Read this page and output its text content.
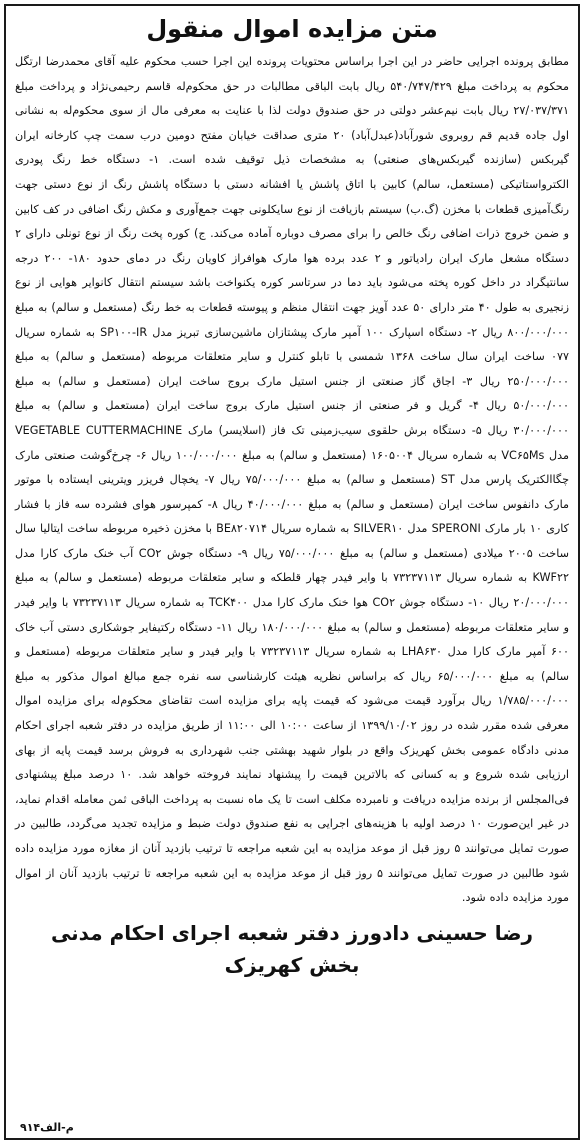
متن مزایده اموال منقول

مطابق پرونده اجرایی حاضر در این اجرا براساس محتویات پرونده این اجرا حسب محکوم علیه آقای محمدرضا ارتگل محکوم به پرداخت مبلغ ۵۴۰/۷۴۷/۴۲۹ ریال بابت الباقی مطالبات در حق محکوم‌له قاسم رحیمی‌نژاد و پرداخت مبلغ ۲۷/۰۳۷/۳۷۱ ریال بابت نیم‌عشر دولتی در حق صندوق دولت لذا با عنایت به معرفی مال از سوی محکوم‌له به نشانی اول جاده قدیم قم روبروی شورآباد(عبدل‌آباد) ۲۰ متری صداقت خیابان مفتح دومین درب سمت چپ کارخانه ایران گیربکس (سازنده گیربکس‌های صنعتی) به مشخصات ذیل توقیف شده است. ۱- دستگاه خط رنگ پودری الکترواستاتیکی (مستعمل، سالم) کابین با اتاق پاشش یا افشانه دستی با دستگاه پاشش رنگ از نوع دستی جهت رنگ‌آمیزی قطعات با مخزن (گ.ب) سیستم بازیافت از نوع سایکلونی جهت جمع‌آوری و مکش رنگ اضافی در کف کابین و ضمن خروج ذرات اضافی رنگ خالص را برای مصرف دوباره آماده می‌کند. ج) کوره پخت رنگ از نوع تونلی دارای ۲ دستگاه مشعل مارک ایران رادیاتور و ۲ عدد برده هوا مارک هوافراز کاویان رنگ در دمای حدود ۱۸۰- ۲۰۰ درجه سانتیگراد در داخل کوره پخته می‌شود باید دما در سرتاسر کوره یکنواخت باشد سیستم انتقال کانوایر هوایی از نوع زنجیری به طول ۴۰ متر دارای ۵۰ عدد آویز جهت انتقال منظم و پیوسته قطعات به خط رنگ (مستعمل و سالم) به مبلغ ۸۰۰/۰۰۰/۰۰۰ ریال ۲- دستگاه اسپارک ۱۰۰ آمپر مارک پیشتازان ماشین‌سازی تبریز مدل SP۱۰۰-IR به شماره سریال ۰۷۷ ساخت ایران سال ساخت ۱۳۶۸ شمسی با تابلو کنترل و سایر متعلقات مربوطه (مستعمل و سالم) به مبلغ ۲۵۰/۰۰۰/۰۰۰ ریال ۳- اجاق گاز صنعتی از جنس استیل مارک بروج ساخت ایران (مستعمل و سالم) به مبلغ ۵۰/۰۰۰/۰۰۰ ریال ۴- گریل و فر صنعتی از جنس استیل مارک بروج ساخت ایران (مستعمل و سالم) به مبلغ ۳۰/۰۰۰/۰۰۰ ریال ۵- دستگاه برش حلقوی سیب‌زمینی تک فاز (اسلایسر) مارک VEGETABLE CUTTERMACHINE مدل VC۶۵Ms به شماره سریال ۱۶۰۵۰۰۴ (مستعمل و سالم) به مبلغ ۱۰۰/۰۰۰/۰۰۰ ریال ۶- چرخ‌گوشت صنعتی مارک چگاالکتریک پارس مدل ST (مستعمل و سالم) به مبلغ ۷۵/۰۰۰/۰۰۰ ریال ۷- یخچال فریزر ویترینی ایستاده با موتور مارک دانفوس ساخت ایران (مستعمل و سالم) به مبلغ ۴۰/۰۰۰/۰۰۰ ریال ۸- کمپرسور هوای فشرده سه فاز با فشار کاری ۱۰ بار مارک SPERONI مدل SILVER۱۰ به شماره سریال BE۸۲۰۷۱۴ با مخزن ذخیره مربوطه ساخت ایتالیا سال ساخت ۲۰۰۵ میلادی (مستعمل و سالم) به مبلغ ۷۵/۰۰۰/۰۰۰ ریال ۹- دستگاه جوش CO۲ آب خنک مارک کارا مدل KWF۲۲ به شماره سریال ۷۳۲۳۷۱۱۳ با وایر فیدر چهار قلطکه و سایر متعلقات مربوطه (مستعمل و سالم) به مبلغ ۲۰/۰۰۰/۰۰۰ ریال ۱۰- دستگاه جوش CO۲ هوا خنک مارک کارا مدل TCK۴۰۰ به شماره سریال ۷۳۲۳۷۱۱۳ با وایر فیدر و سایر متعلقات مربوطه (مستعمل و سالم) به مبلغ ۱۸۰/۰۰۰/۰۰۰ ریال ۱۱- دستگاه رکتیفایر جوشکاری دستی آب خاک ۶۰۰ آمپر مارک کارا مدل LHA۶۳۰ به شماره سریال ۷۳۲۳۷۱۱۳ با وایر فیدر و سایر متعلقات مربوطه (مستعمل و سالم) به مبلغ ۶۵/۰۰۰/۰۰۰ ریال که براساس نظریه هیئت کارشناسی سه نفره جمع مبالغ اموال مذکور به مبلغ ۱/۷۸۵/۰۰۰/۰۰۰ ریال برآورد قیمت می‌شود که قیمت پایه برای مزایده است تقاضای محکوم‌له برای مزایده اموال معرفی شده مقرر شده در روز ۱۳۹۹/۱۰/۰۲ از ساعت ۱۰:۰۰ الی ۱۱:۰۰ از طریق مزایده در دفتر شعبه اجرای احکام مدنی دادگاه عمومی بخش کهریزک واقع در بلوار شهید بهشتی جنب شهرداری به فروش برسد قیمت پایه از بهای ارزیابی شده شروع و به کسانی که بالاترین قیمت را پیشنهاد نمایند فروخته خواهد شد. ۱۰ درصد مبلغ پیشنهادی فی‌المجلس از برنده مزایده دریافت و نامبرده مکلف است تا یک ماه نسبت به پرداخت الباقی ثمن معامله اقدام نماید، در غیر این‌صورت ۱۰ درصد اولیه با هزینه‌های اجرایی به نفع صندوق دولت ضبط و مزایده تجدید می‌گردد، طالبین در صورت تمایل می‌توانند ۵ روز قبل از موعد مزایده به این شعبه مراجعه تا ترتیب بازدید آنان از مغازه مورد مزایده داده شود طالبین در صورت تمایل می‌توانند ۵ روز قبل از موعد مزایده به این شعبه مراجعه تا ترتیب بازدید آنان از اموال مورد مزایده داده شود.

رضا حسینی دادورز دفتر شعبه اجرای احکام مدنی
بخش کهریزک
م-الف۹۱۴
